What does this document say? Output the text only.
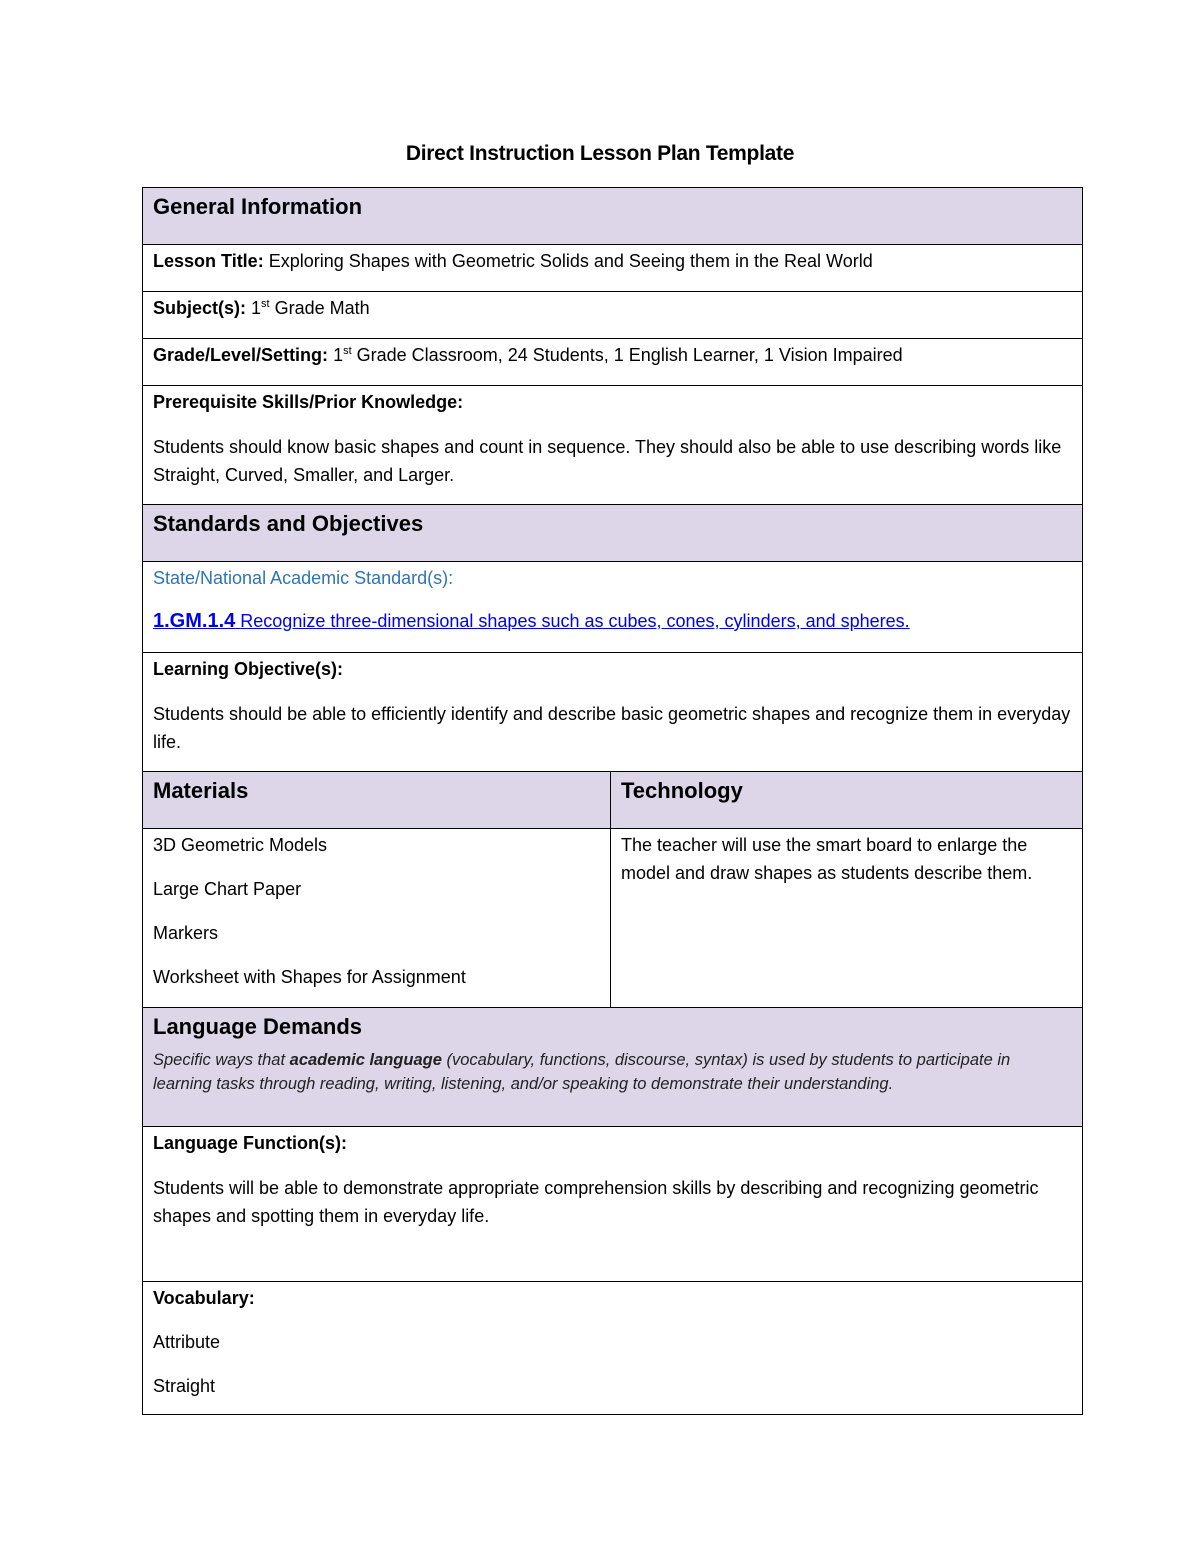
Direct Instruction Lesson Plan Template
General Information	
Lesson Title: Exploring Shapes with Geometric Solids and Seeing them in the Real World	
Subject(s): 1st Grade Math	
Grade/Level/Setting: 1st Grade Classroom, 24 Students, 1 English Learner, 1 Vision Impaired	

Prerequisite Skills/Prior Knowledge:

Students should know basic shapes and count in sequence. They should also be able to use describing words like Straight, Curved, Smaller, and Larger.	

Standards and Objectives	

State/National Academic Standard(s):

1.GM.1.4 Recognize three-dimensional shapes such as cubes, cones, cylinders, and spheres.	

Learning Objective(s):

Students should be able to efficiently identify and describe basic geometric shapes and recognize them in everyday life.	

Materials	Technology

3D Geometric Models

Large Chart Paper

Markers

Worksheet with Shapes for Assignment	The teacher will use the smart board to enlarge the model and draw shapes as students describe them.

Language Demands

Specific ways that academic language (vocabulary, functions, discourse, syntax) is used by students to participate in learning tasks through reading, writing, listening, and/or speaking to demonstrate their understanding.	

Language Function(s):

Students will be able to demonstrate appropriate comprehension skills by describing and recognizing geometric shapes and spotting them in everyday life.	

Vocabulary:

Attribute

Straight	
